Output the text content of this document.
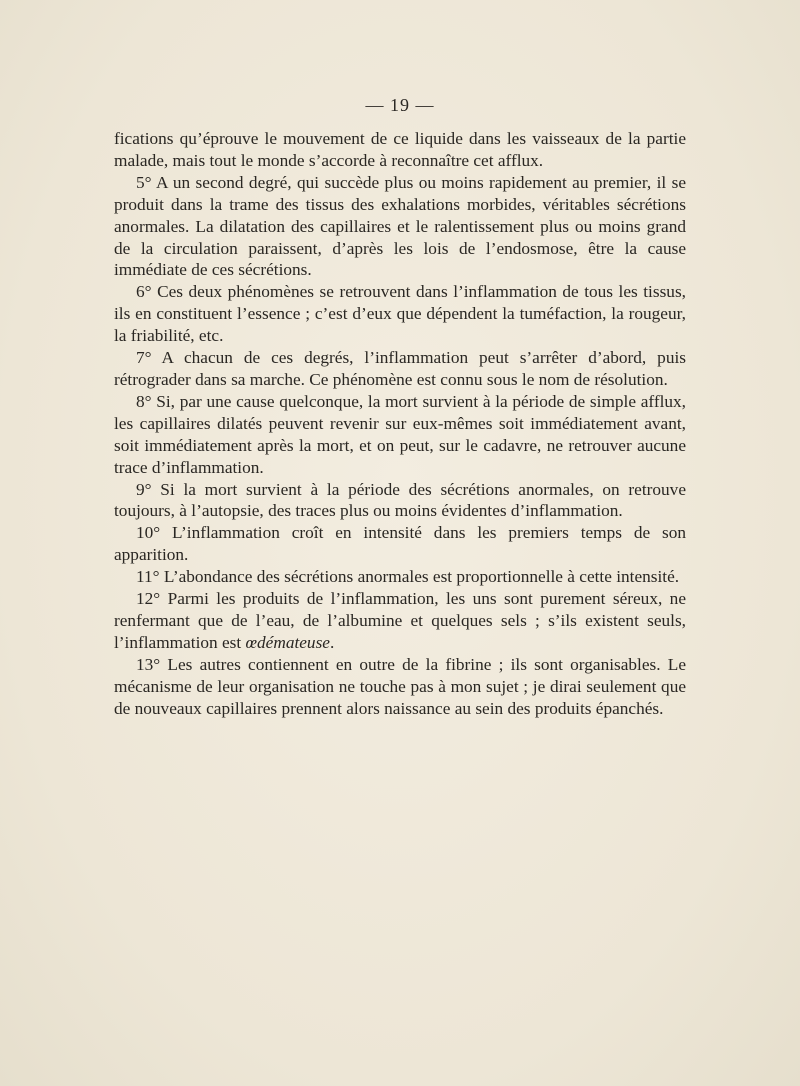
— 19 —

fications qu’éprouve le mouvement de ce liquide dans les vaisseaux de la partie malade, mais tout le monde s’accorde à reconnaître cet afflux.

5° A un second degré, qui succède plus ou moins rapidement au premier, il se produit dans la trame des tissus des exhalations morbides, véritables sécrétions anormales. La dilatation des capillaires et le ralentissement plus ou moins grand de la circulation paraissent, d’après les lois de l’endosmose, être la cause immédiate de ces sécrétions.

6° Ces deux phénomènes se retrouvent dans l’inflammation de tous les tissus, ils en constituent l’essence ; c’est d’eux que dépendent la tuméfaction, la rougeur, la friabilité, etc.

7° A chacun de ces degrés, l’inflammation peut s’arrêter d’abord, puis rétrograder dans sa marche. Ce phénomène est connu sous le nom de résolution.

8° Si, par une cause quelconque, la mort survient à la période de simple afflux, les capillaires dilatés peuvent revenir sur eux-mêmes soit immédiatement avant, soit immédiatement après la mort, et on peut, sur le cadavre, ne retrouver aucune trace d’inflammation.

9° Si la mort survient à la période des sécrétions anormales, on retrouve toujours, à l’autopsie, des traces plus ou moins évidentes d’inflammation.

10° L’inflammation croît en intensité dans les premiers temps de son apparition.

11° L’abondance des sécrétions anormales est proportionnelle à cette intensité.

12° Parmi les produits de l’inflammation, les uns sont purement séreux, ne renfermant que de l’eau, de l’albumine et quelques sels ; s’ils existent seuls, l’inflammation est œdémateuse.

13° Les autres contiennent en outre de la fibrine ; ils sont organisables. Le mécanisme de leur organisation ne touche pas à mon sujet ; je dirai seulement que de nouveaux capillaires prennent alors naissance au sein des produits épanchés.
